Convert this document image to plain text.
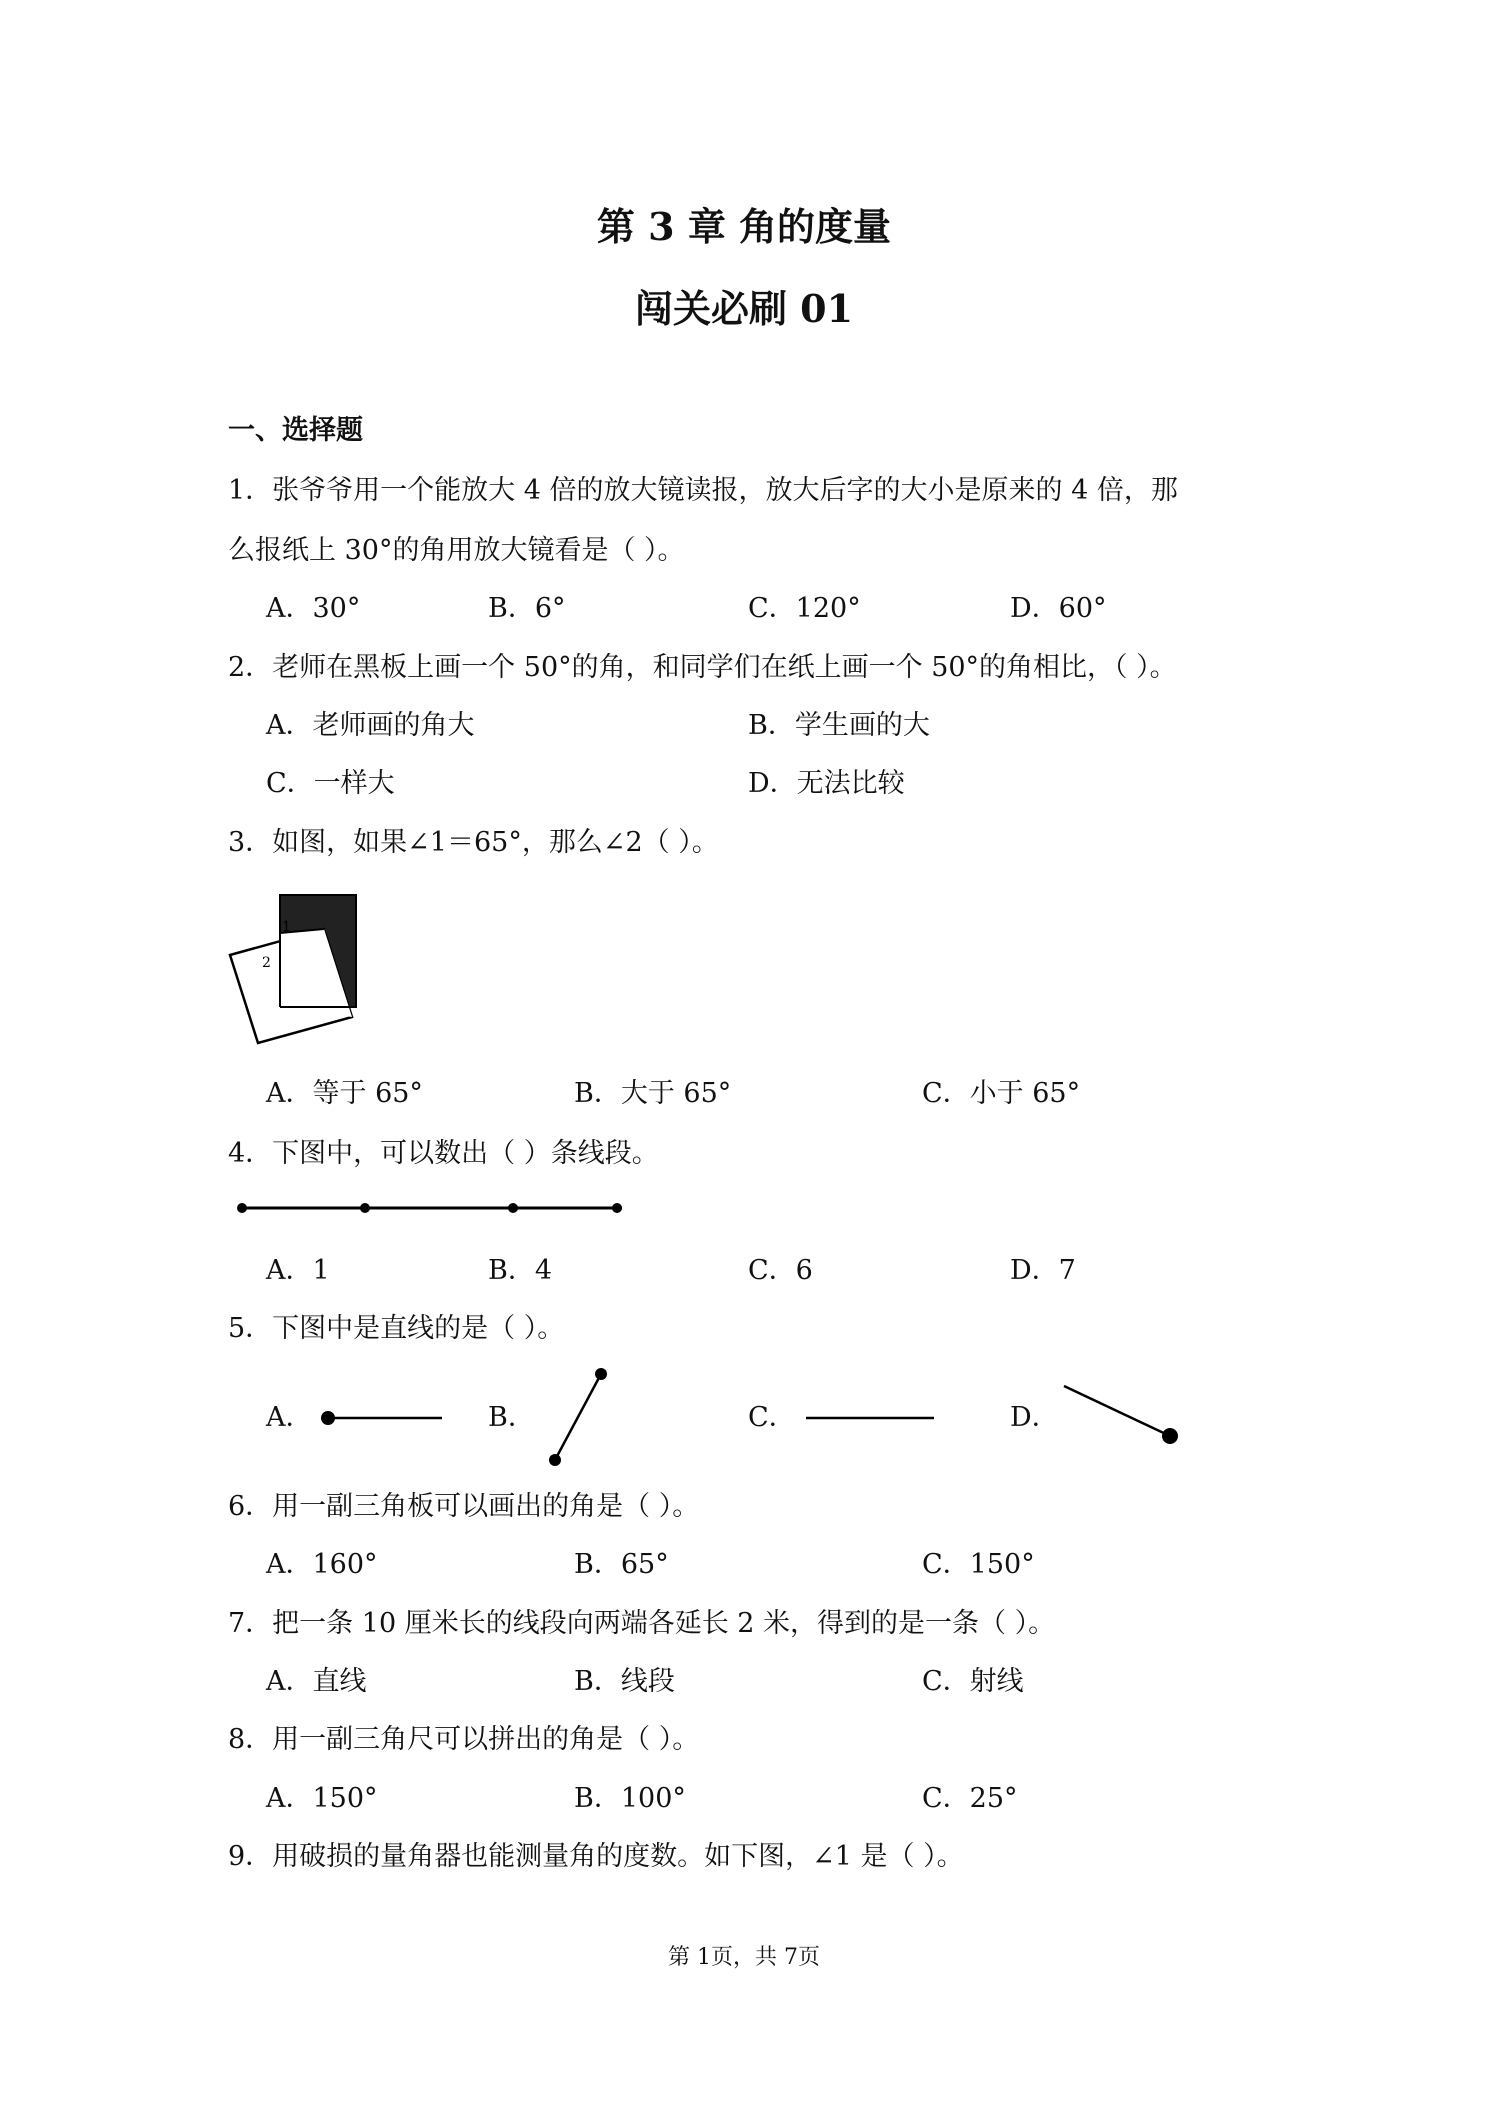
第 3 章 角的度量
闯关必刷 01
一、选择题
1．张爷爷用一个能放大 4 倍的放大镜读报，放大后字的大小是原来的 4 倍，那
么报纸上 30°的角用放大镜看是（ ）。
A．30°	B．6°	C．120°	D．60°
2．老师在黑板上画一个 50°的角，和同学们在纸上画一个 50°的角相比，（ ）。
A．老师画的角大	B．学生画的大
C．一样大	D．无法比较
3．如图，如果∠1＝65°，那么∠2（ ）。
1
2
A．等于 65°	B．大于 65°	C．小于 65°
4．下图中，可以数出（ ）条线段。
A．1	B．4	C．6	D．7
5．下图中是直线的是（ ）。
A．	B．	C．	D．
6．用一副三角板可以画出的角是（ ）。
A．160°	B．65°	C．150°
7．把一条 10 厘米长的线段向两端各延长 2 米，得到的是一条（ ）。
A．直线	B．线段	C．射线
8．用一副三角尺可以拼出的角是（ ）。
A．150°	B．100°	C．25°
9．用破损的量角器也能测量角的度数。如下图，∠1 是（ ）。
第 1页，共 7页
